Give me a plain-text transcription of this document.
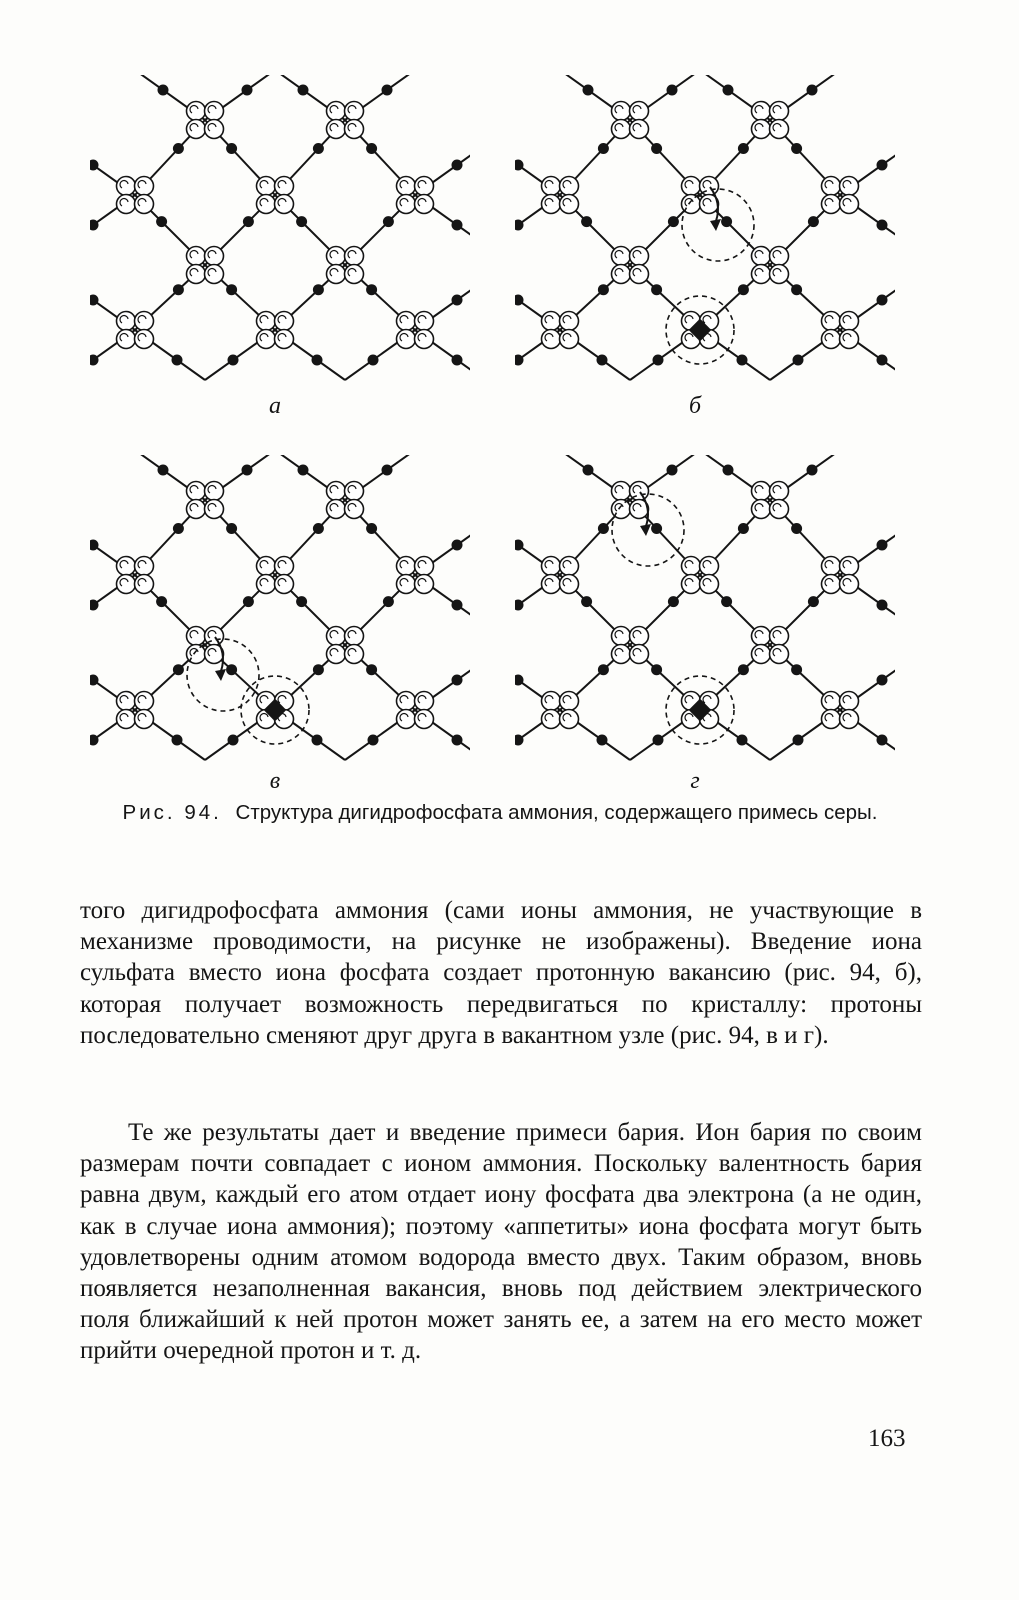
а	б
в	г
Рис. 94. Структура дигидрофосфата аммония, содержащего примесь серы.

того дигидрофосфата аммония (сами ионы аммония, не участвующие в механизме проводимости, на рисунке не изображены). Введение иона сульфата вместо иона фосфата создает протонную вакансию (рис. 94, б), которая получает возможность передвигаться по кристаллу: протоны последовательно сменяют друг друга в вакантном узле (рис. 94, в и г).

Те же результаты дает и введение примеси бария. Ион бария по своим размерам почти совпадает с ионом аммония. Поскольку валентность бария равна двум, каждый его атом отдает иону фосфата два электрона (а не один, как в случае иона аммония); поэтому «аппетиты» иона фосфата могут быть удовлетворены одним атомом водорода вместо двух. Таким образом, вновь появляется незаполненная вакансия, вновь под действием электрического поля ближайший к ней протон может занять ее, а затем на его место может прийти очередной протон и т. д.

163
